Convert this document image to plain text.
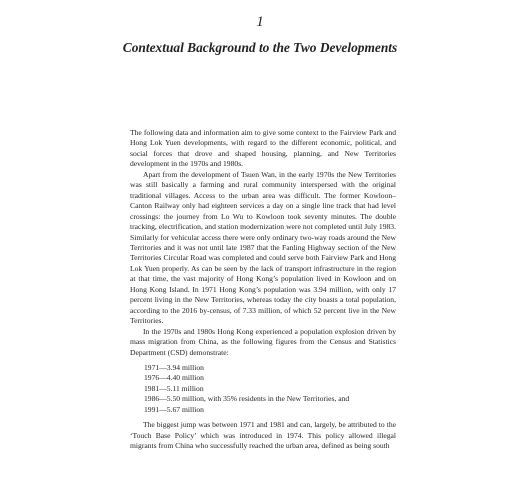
1
Contextual Background to the Two Developments

The following data and information aim to give some context to the Fairview Park and Hong Lok Yuen developments, with regard to the different economic, political, and social forces that drove and shaped housing, planning, and New Territories development in the 1970s and 1980s.

Apart from the development of Tsuen Wan, in the early 1970s the New Territories was still basically a farming and rural community interspersed with the original traditional villages. Access to the urban area was difficult. The former Kowloon–Canton Railway only had eighteen services a day on a single line track that had level crossings: the journey from Lo Wu to Kowloon took seventy minutes. The double tracking, electrification, and station modernization were not completed until July 1983. Similarly for vehicular access there were only ordinary two-way roads around the New Territories and it was not until late 1987 that the Fanling Highway section of the New Territories Circular Road was completed and could serve both Fairview Park and Hong Lok Yuen properly. As can be seen by the lack of transport infrastructure in the region at that time, the vast majority of Hong Kong’s population lived in Kowloon and on Hong Kong Island. In 1971 Hong Kong’s population was 3.94 million, with only 17 percent living in the New Territories, whereas today the city boasts a total population, according to the 2016 by-census, of 7.33 million, of which 52 percent live in the New Territories.

In the 1970s and 1980s Hong Kong experienced a population explosion driven by mass migration from China, as the following figures from the Census and Statistics Department (CSD) demonstrate:

1971—3.94 million
1976—4.40 million
1981—5.11 million
1986—5.50 million, with 35% residents in the New Territories, and
1991—5.67 million

The biggest jump was between 1971 and 1981 and can, largely, be attributed to the ‘Touch Base Policy’ which was introduced in 1974. This policy allowed illegal migrants from China who successfully reached the urban area, defined as being south
